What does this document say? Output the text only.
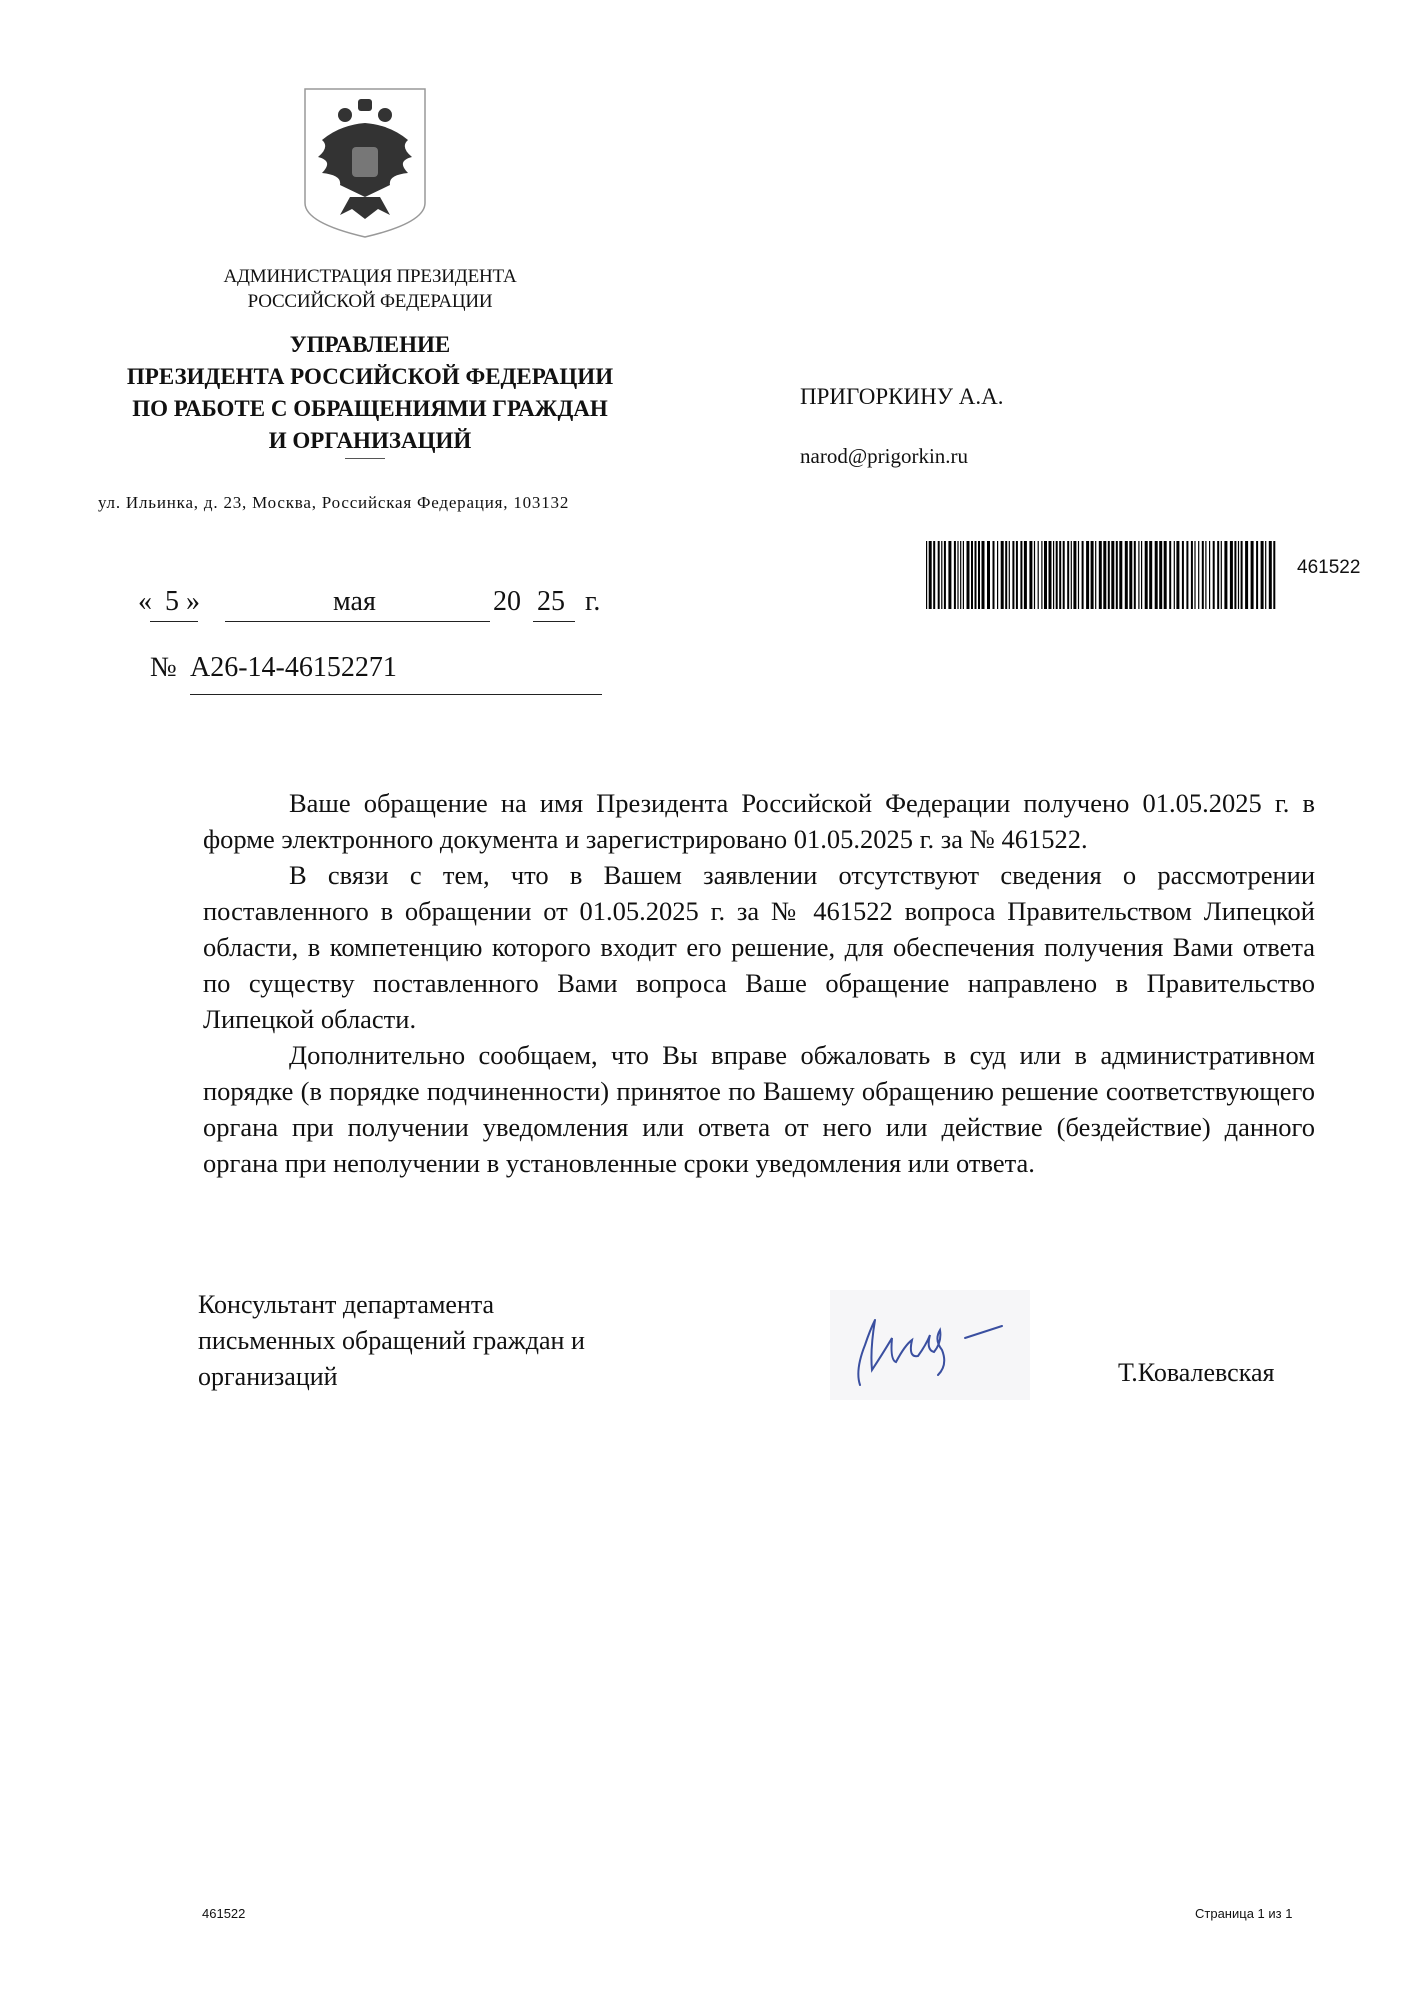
АДМИНИСТРАЦИЯ ПРЕЗИДЕНТА
РОССИЙСКОЙ ФЕДЕРАЦИИ
УПРАВЛЕНИЕ
ПРЕЗИДЕНТА РОССИЙСКОЙ ФЕДЕРАЦИИ
ПО РАБОТЕ С ОБРАЩЕНИЯМИ ГРАЖДАН
И ОРГАНИЗАЦИЙ
ул. Ильинка, д. 23, Москва, Российская Федерация, 103132
ПРИГОРКИНУ А.А.
narod@prigorkin.ru
461522
« 5 »	мая	20 25 г.
№ А26-14-46152271

Ваше обращение на имя Президента Российской Федерации получено 01.05.2025 г. в форме электронного документа и зарегистрировано 01.05.2025 г. за № 461522.

В связи с тем, что в Вашем заявлении отсутствуют сведения о рассмотрении поставленного в обращении от 01.05.2025 г. за № 461522 вопроса Правительством Липецкой области, в компетенцию которого входит его решение, для обеспечения получения Вами ответа по существу поставленного Вами вопроса Ваше обращение направлено в Правительство Липецкой области.

Дополнительно сообщаем, что Вы вправе обжаловать в суд или в административном порядке (в порядке подчиненности) принятое по Вашему обращению решение соответствующего органа при получении уведомления или ответа от него или действие (бездействие) данного органа при неполучении в установленные сроки уведомления или ответа.

Консультант департамента
письменных обращений граждан и
организаций	Т.Ковалевская
461522	Страница 1 из 1
